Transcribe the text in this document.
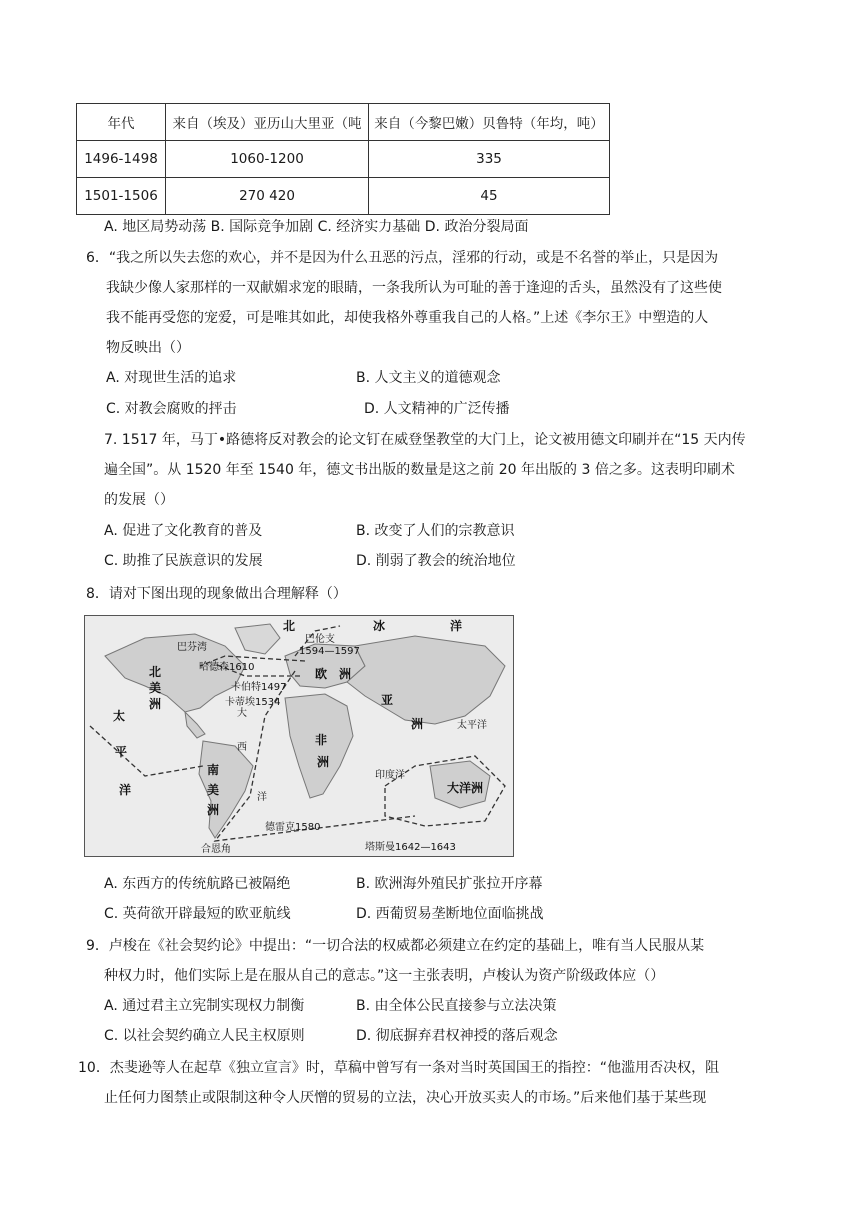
年代	来自（埃及）亚历山大里亚（吨	来自（今黎巴嫩）贝鲁特（年均，吨）
1496-1498	1060-1200	335
1501-1506	270 420	45
A. 地区局势动荡 B. 国际竞争加剧 C. 经济实力基础 D. 政治分裂局面
6．“我之所以失去您的欢心，并不是因为什么丑恶的污点，淫邪的行动，或是不名誉的举止，只是因为
我缺少像人家那样的一双献媚求宠的眼睛，一条我所认为可耻的善于逢迎的舌头，虽然没有了这些使
我不能再受您的宠爱，可是唯其如此，却使我格外尊重我自己的人格。”上述《李尔王》中塑造的人
物反映出（）
A. 对现世生活的追求	B. 人文主义的道德观念
C. 对教会腐败的抨击	D. 人文精神的广泛传播
7. 1517 年，马丁•路德将反对教会的论文钉在威登堡教堂的大门上，论文被用德文印刷并在“15 天内传
遍全国”。从 1520 年至 1540 年，德文书出版的数量是这之前 20 年出版的 3 倍之多。这表明印刷术
的发展（）
A. 促进了文化教育的普及	B. 改变了人们的宗教意识
C. 助推了民族意识的发展	D. 削弱了教会的统治地位
8．请对下图出现的现象做出合理解释（）
北	冰	洋
巴芬湾
巴伦支
1594—1597
哈德森1610
卡伯特1497
卡蒂埃1534
北
美
洲
欧 洲
亚
洲
非
洲
南
美
洲
太
平
洋
大
西
洋
太平洋
印度洋
大洋洲
德雷克1580
塔斯曼1642—1643
合恩角
A. 东西方的传统航路已被隔绝	B. 欧洲海外殖民扩张拉开序幕
C. 英荷欲开辟最短的欧亚航线	D. 西葡贸易垄断地位面临挑战
9．卢梭在《社会契约论》中提出：“一切合法的权威都必须建立在约定的基础上，唯有当人民服从某
种权力时，他们实际上是在服从自己的意志。”这一主张表明，卢梭认为资产阶级政体应（）
A. 通过君主立宪制实现权力制衡	B. 由全体公民直接参与立法决策
C. 以社会契约确立人民主权原则	D. 彻底摒弃君权神授的落后观念
10．杰斐逊等人在起草《独立宣言》时，草稿中曾写有一条对当时英国国王的指控：“他滥用否决权，阻
止任何力图禁止或限制这种令人厌憎的贸易的立法，决心开放买卖人的市场。”后来他们基于某些现
